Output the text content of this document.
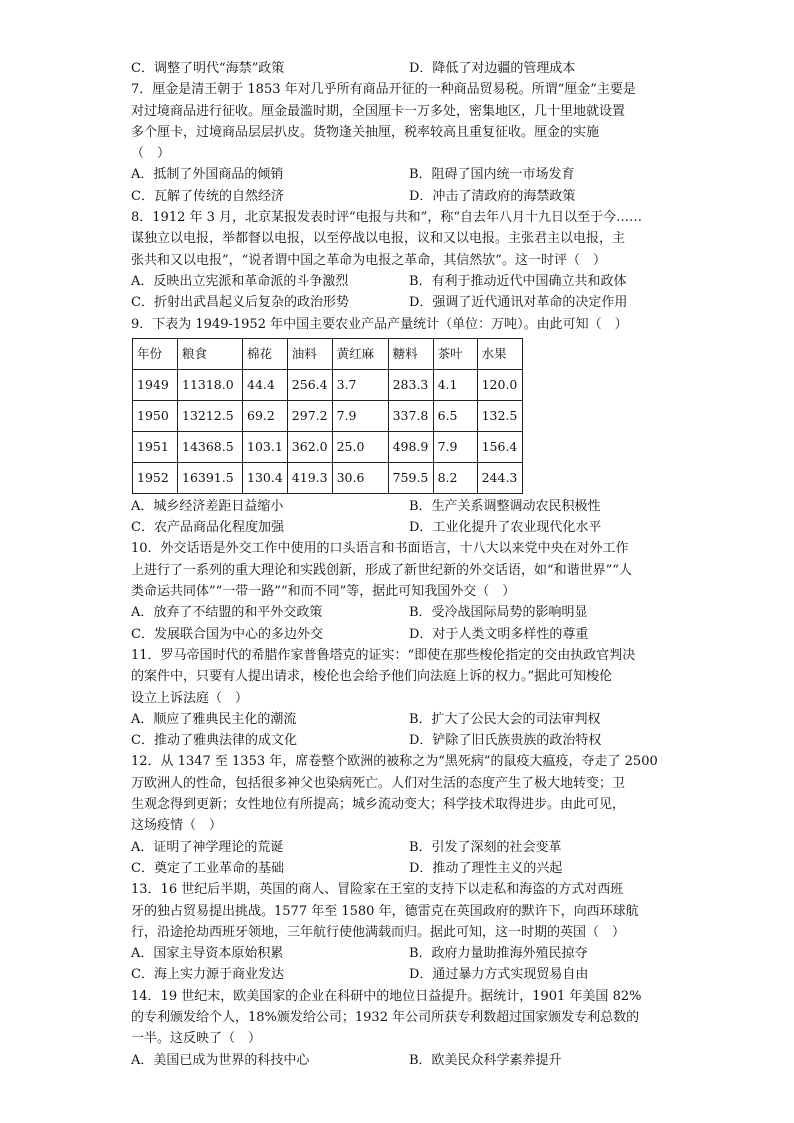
C．调整了明代“海禁”政策	D．降低了对边疆的管理成本
7．厘金是清王朝于 1853 年对几乎所有商品开征的一种商品贸易税。所谓“厘金”主要是
对过境商品进行征收。厘金最滥时期，全国厘卡一万多处，密集地区，几十里地就设置
多个厘卡，过境商品层层扒皮。货物逢关抽厘，税率较高且重复征收。厘金的实施
（　）
A．抵制了外国商品的倾销	B．阻碍了国内统一市场发育
C．瓦解了传统的自然经济	D．冲击了清政府的海禁政策
8．1912 年 3 月，北京某报发表时评“电报与共和”，称“自去年八月十九日以至于今……
谋独立以电报，举都督以电报，以至停战以电报，议和又以电报。主张君主以电报，主
张共和又以电报”，“说者谓中国之革命为电报之革命，其信然欤”。这一时评（　）
A．反映出立宪派和革命派的斗争激烈	B．有利于推动近代中国确立共和政体
C．折射出武昌起义后复杂的政治形势	D．强调了近代通讯对革命的决定作用
9．下表为 1949-1952 年中国主要农业产品产量统计（单位：万吨）。由此可知（　）
年份	粮食	棉花	油料	黄红麻	糖料	茶叶	水果
1949	11318.0	44.4	256.4	3.7	283.3	4.1	120.0
1950	13212.5	69.2	297.2	7.9	337.8	6.5	132.5
1951	14368.5	103.1	362.0	25.0	498.9	7.9	156.4
1952	16391.5	130.4	419.3	30.6	759.5	8.2	244.3
A．城乡经济差距日益缩小	B．生产关系调整调动农民积极性
C．农产品商品化程度加强	D．工业化提升了农业现代化水平
10．外交话语是外交工作中使用的口头语言和书面语言，十八大以来党中央在对外工作
上进行了一系列的重大理论和实践创新，形成了新世纪新的外交话语，如“和谐世界”“人
类命运共同体”“一带一路”“和而不同”等，据此可知我国外交（　）
A．放弃了不结盟的和平外交政策	B．受冷战国际局势的影响明显
C．发展联合国为中心的多边外交	D．对于人类文明多样性的尊重
11．罗马帝国时代的希腊作家普鲁塔克的证实：“即使在那些梭伦指定的交由执政官判决
的案件中，只要有人提出请求，梭伦也会给予他们向法庭上诉的权力。”据此可知梭伦
设立上诉法庭（　）
A．顺应了雅典民主化的潮流	B．扩大了公民大会的司法审判权
C．推动了雅典法律的成文化	D．铲除了旧氏族贵族的政治特权
12．从 1347 至 1353 年，席卷整个欧洲的被称之为“黑死病”的鼠疫大瘟疫，夺走了 2500
万欧洲人的性命，包括很多神父也染病死亡。人们对生活的态度产生了极大地转变；卫
生观念得到更新；女性地位有所提高；城乡流动变大；科学技术取得进步。由此可见，
这场疫情（　）
A．证明了神学理论的荒诞	B．引发了深刻的社会变革
C．奠定了工业革命的基础	D．推动了理性主义的兴起
13．16 世纪后半期，英国的商人、冒险家在王室的支持下以走私和海盗的方式对西班
牙的独占贸易提出挑战。1577 年至 1580 年，德雷克在英国政府的默许下，向西环球航
行，沿途抢劫西班牙领地，三年航行使他满载而归。据此可知，这一时期的英国（　）
A．国家主导资本原始积累	B．政府力量助推海外殖民掠夺
C．海上实力源于商业发达	D．通过暴力方式实现贸易自由
14．19 世纪末，欧美国家的企业在科研中的地位日益提升。据统计，1901 年美国 82%
的专利颁发给个人，18%颁发给公司；1932 年公司所获专利数超过国家颁发专利总数的
一半。这反映了（　）
A．美国已成为世界的科技中心	B．欧美民众科学素养提升
